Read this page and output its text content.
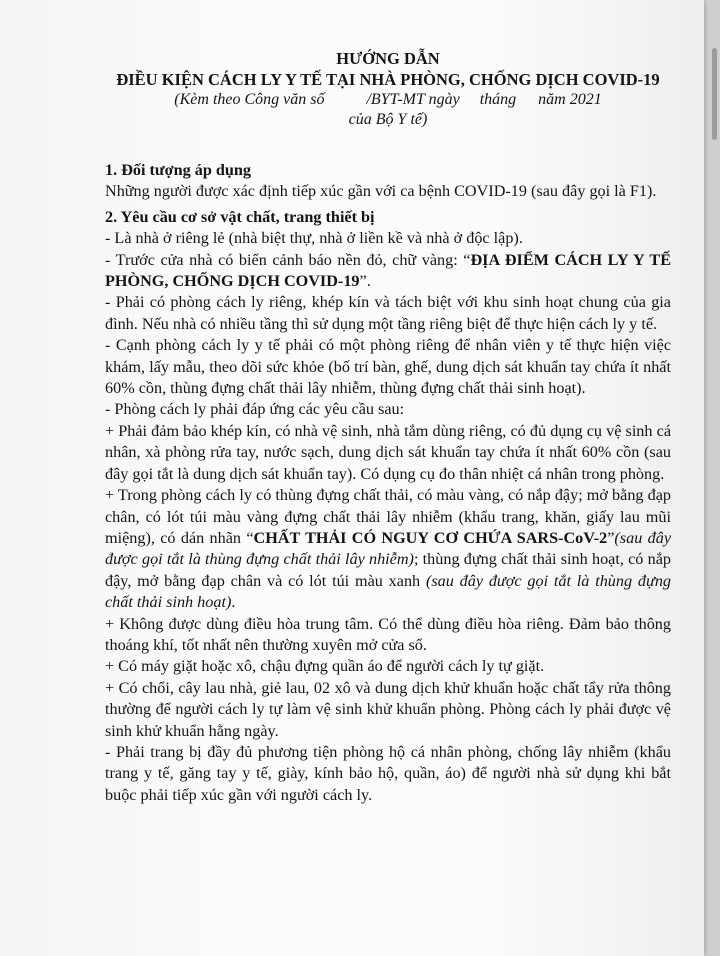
HƯỚNG DẪN
ĐIỀU KIỆN CÁCH LY Y TẾ TẠI NHÀ PHÒNG, CHỐNG DỊCH COVID-19
(Kèm theo Công văn số	/BYT-MT ngày tháng năm 2021
của Bộ Y tế)
1. Đối tượng áp dụng

Những người được xác định tiếp xúc gần với ca bệnh COVID-19 (sau đây gọi là F1).

2. Yêu cầu cơ sở vật chất, trang thiết bị

- Là nhà ở riêng lẻ (nhà biệt thự, nhà ở liền kề và nhà ở độc lập).

- Trước cửa nhà có biển cảnh báo nền đỏ, chữ vàng: “ĐỊA ĐIỂM CÁCH LY Y TẾ PHÒNG, CHỐNG DỊCH COVID-19”.

- Phải có phòng cách ly riêng, khép kín và tách biệt với khu sinh hoạt chung của gia đình. Nếu nhà có nhiều tầng thì sử dụng một tầng riêng biệt để thực hiện cách ly y tế.

- Cạnh phòng cách ly y tế phải có một phòng riêng để nhân viên y tế thực hiện việc khám, lấy mẫu, theo dõi sức khỏe (bố trí bàn, ghế, dung dịch sát khuẩn tay chứa ít nhất 60% cồn, thùng đựng chất thải lây nhiễm, thùng đựng chất thải sinh hoạt).

- Phòng cách ly phải đáp ứng các yêu cầu sau:

+ Phải đảm bảo khép kín, có nhà vệ sinh, nhà tắm dùng riêng, có đủ dụng cụ vệ sinh cá nhân, xà phòng rửa tay, nước sạch, dung dịch sát khuẩn tay chứa ít nhất 60% cồn (sau đây gọi tắt là dung dịch sát khuẩn tay). Có dụng cụ đo thân nhiệt cá nhân trong phòng.

+ Trong phòng cách ly có thùng đựng chất thải, có màu vàng, có nắp đậy; mở bằng đạp chân, có lót túi màu vàng đựng chất thải lây nhiễm (khẩu trang, khăn, giấy lau mũi miệng), có dán nhãn “CHẤT THẢI CÓ NGUY CƠ CHỨA SARS-CoV-2”(sau đây được gọi tắt là thùng đựng chất thải lây nhiễm); thùng đựng chất thải sinh hoạt, có nắp đậy, mở bằng đạp chân và có lót túi màu xanh (sau đây được gọi tắt là thùng đựng chất thải sinh hoạt).

+ Không được dùng điều hòa trung tâm. Có thể dùng điều hòa riêng. Đảm bảo thông thoáng khí, tốt nhất nên thường xuyên mở cửa sổ.

+ Có máy giặt hoặc xô, chậu đựng quần áo để người cách ly tự giặt.

+ Có chổi, cây lau nhà, giẻ lau, 02 xô và dung dịch khử khuẩn hoặc chất tẩy rửa thông thường để người cách ly tự làm vệ sinh khử khuẩn phòng. Phòng cách ly phải được vệ sinh khử khuẩn hằng ngày.

- Phải trang bị đầy đủ phương tiện phòng hộ cá nhân phòng, chống lây nhiễm (khẩu trang y tế, găng tay y tế, giày, kính bảo hộ, quần, áo) để người nhà sử dụng khi bắt buộc phải tiếp xúc gần với người cách ly.
